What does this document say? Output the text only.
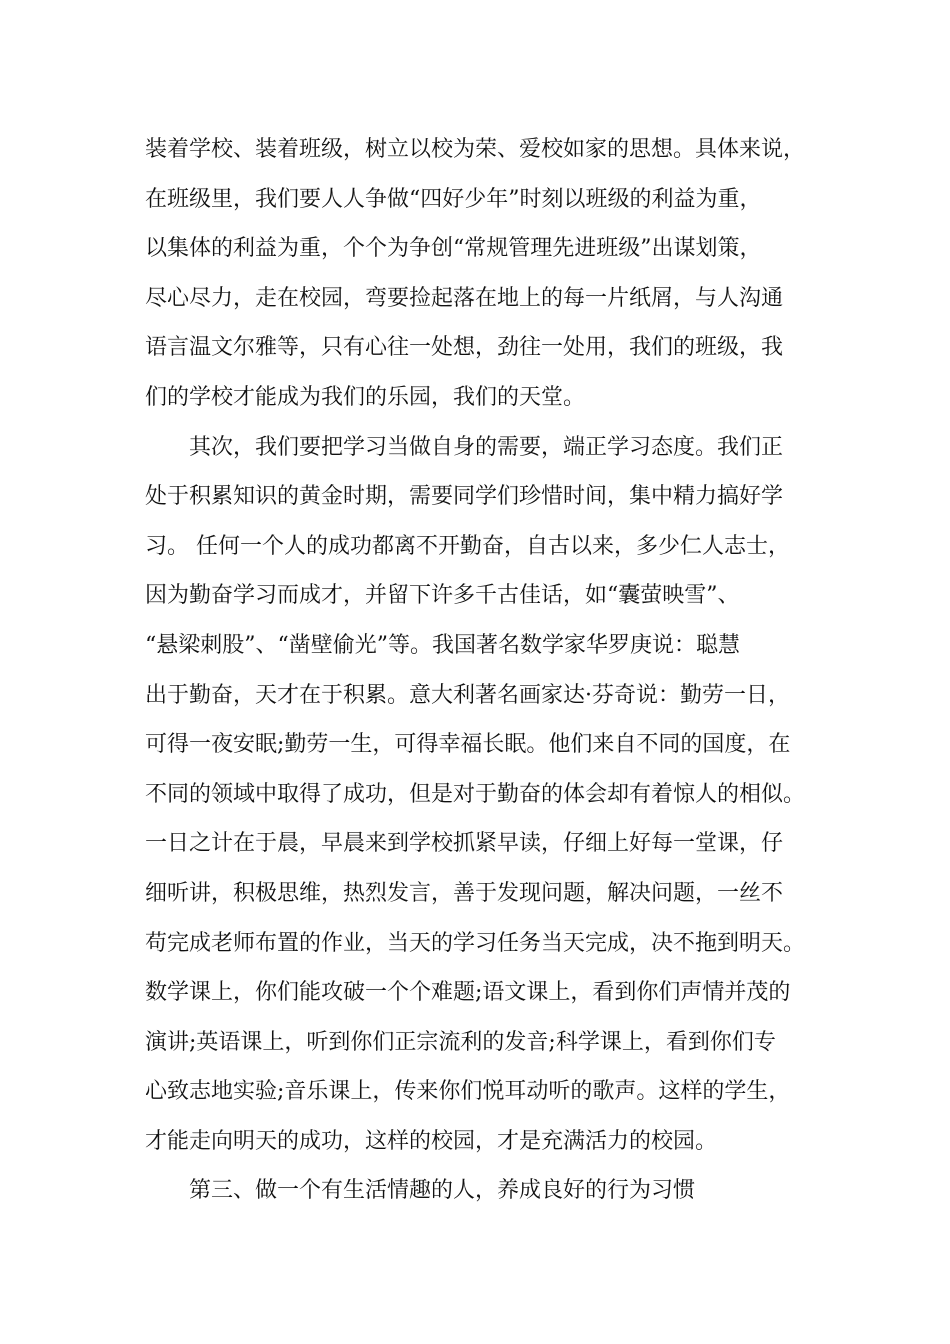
装着学校、装着班级，树立以校为荣、爱校如家的思想。具体来说，
在班级里，我们要人人争做“四好少年”时刻以班级的利益为重，
以集体的利益为重，个个为争创“常规管理先进班级”出谋划策，
尽心尽力，走在校园，弯要捡起落在地上的每一片纸屑，与人沟通
语言温文尔雅等，只有心往一处想，劲往一处用，我们的班级，我
们的学校才能成为我们的乐园，我们的天堂。
其次，我们要把学习当做自身的需要，端正学习态度。我们正
处于积累知识的黄金时期，需要同学们珍惜时间，集中精力搞好学
习。 任何一个人的成功都离不开勤奋，自古以来，多少仁人志士，
因为勤奋学习而成才，并留下许多千古佳话，如“囊萤映雪”、
“悬梁刺股”、“凿壁偷光”等。我国著名数学家华罗庚说：聪慧
出于勤奋，天才在于积累。意大利著名画家达·芬奇说：勤劳一日，
可得一夜安眠;勤劳一生，可得幸福长眠。他们来自不同的国度，在
不同的领域中取得了成功，但是对于勤奋的体会却有着惊人的相似。
一日之计在于晨，早晨来到学校抓紧早读，仔细上好每一堂课，仔
细听讲，积极思维，热烈发言，善于发现问题，解决问题，一丝不
苟完成老师布置的作业，当天的学习任务当天完成，决不拖到明天。
数学课上，你们能攻破一个个难题;语文课上，看到你们声情并茂的
演讲;英语课上，听到你们正宗流利的发音;科学课上，看到你们专
心致志地实验;音乐课上，传来你们悦耳动听的歌声。这样的学生，
才能走向明天的成功，这样的校园，才是充满活力的校园。
第三、做一个有生活情趣的人，养成良好的行为习惯
